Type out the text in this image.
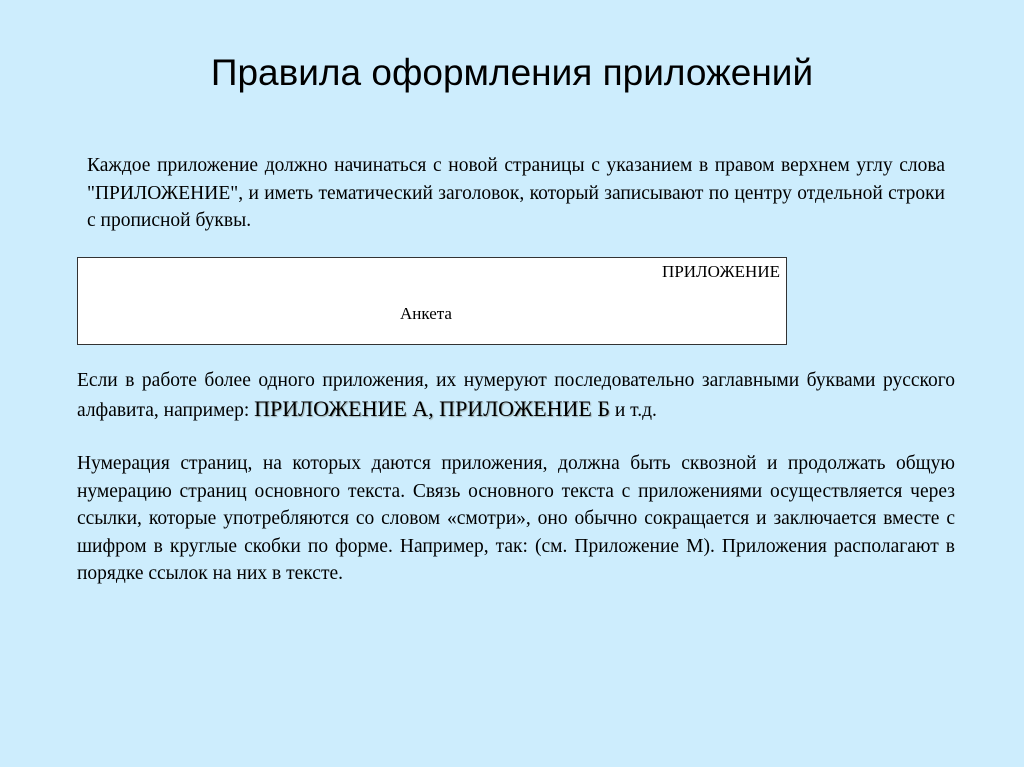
Правила оформления приложений

Каждое приложение должно начинаться с новой страницы с указанием в правом верхнем углу слова "ПРИЛОЖЕНИЕ", и иметь тематический заголовок, который записывают по центру отдельной строки с прописной буквы.

ПРИЛОЖЕНИЕ
Анкета

Если в работе более одного приложения, их нумеруют последовательно заглавными буквами русского алфавита, например: ПРИЛОЖЕНИЕ А, ПРИЛОЖЕНИЕ Б и т.д.

Нумерация страниц, на которых даются приложения, должна быть сквозной и продолжать общую нумерацию страниц основного текста. Связь основного текста с приложениями осуществляется через ссылки, которые употребляются со словом «смотри», оно обычно сокращается и заключается вместе с шифром в круглые скобки по форме. Например, так: (см. Приложение М). Приложения располагают в порядке ссылок на них в тексте.
